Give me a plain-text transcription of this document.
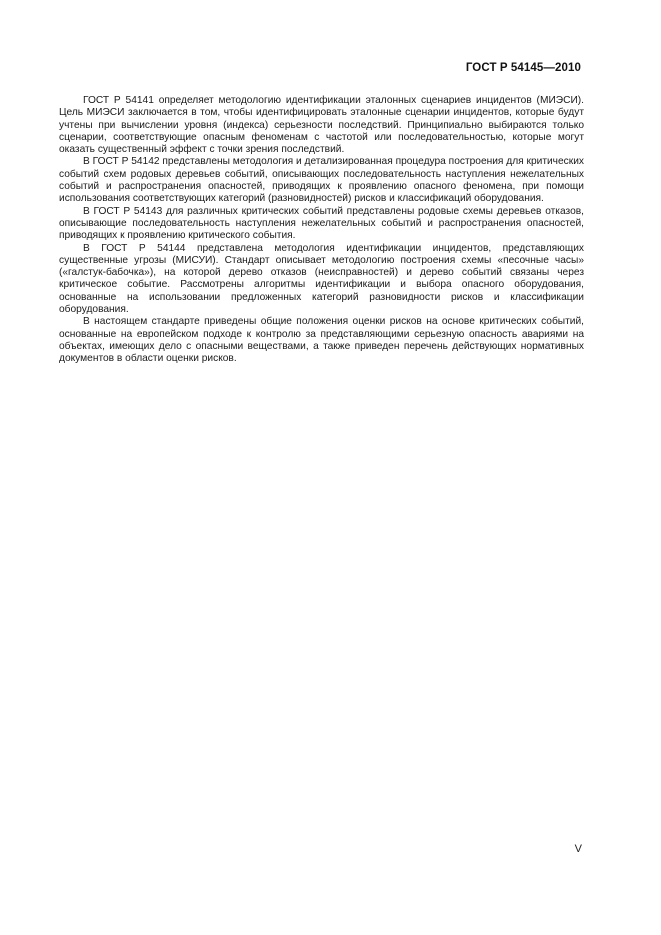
ГОСТ Р 54145—2010

ГОСТ Р 54141 определяет методологию идентификации эталонных сценариев инцидентов (МИЭСИ). Цель МИЭСИ заключается в том, чтобы идентифицировать эталонные сценарии инцидентов, которые будут учтены при вычислении уровня (индекса) серьезности последствий. Принципиально выбираются только сценарии, соответствующие опасным феноменам с частотой или последовательностью, которые могут оказать существенный эффект с точки зрения последствий.

В ГОСТ Р 54142 представлены методология и детализированная процедура построения для критических событий схем родовых деревьев событий, описывающих последовательность наступления нежелательных событий и распространения опасностей, приводящих к проявлению опасного феномена, при помощи использования соответствующих категорий (разновидностей) рисков и классификаций оборудования.

В ГОСТ Р 54143 для различных критических событий представлены родовые схемы деревьев отказов, описывающие последовательность наступления нежелательных событий и распространения опасностей, приводящих к проявлению критического события.

В ГОСТ Р 54144 представлена методология идентификации инцидентов, представляющих существенные угрозы (МИСУИ). Стандарт описывает методологию построения схемы «песочные часы» («галстук-бабочка»), на которой дерево отказов (неисправностей) и дерево событий связаны через критическое событие. Рассмотрены алгоритмы идентификации и выбора опасного оборудования, основанные на использовании предложенных категорий разновидности рисков и классификации оборудования.

В настоящем стандарте приведены общие положения оценки рисков на основе критических событий, основанные на европейском подходе к контролю за представляющими серьезную опасность авариями на объектах, имеющих дело с опасными веществами, а также приведен перечень действующих нормативных документов в области оценки рисков.

V
